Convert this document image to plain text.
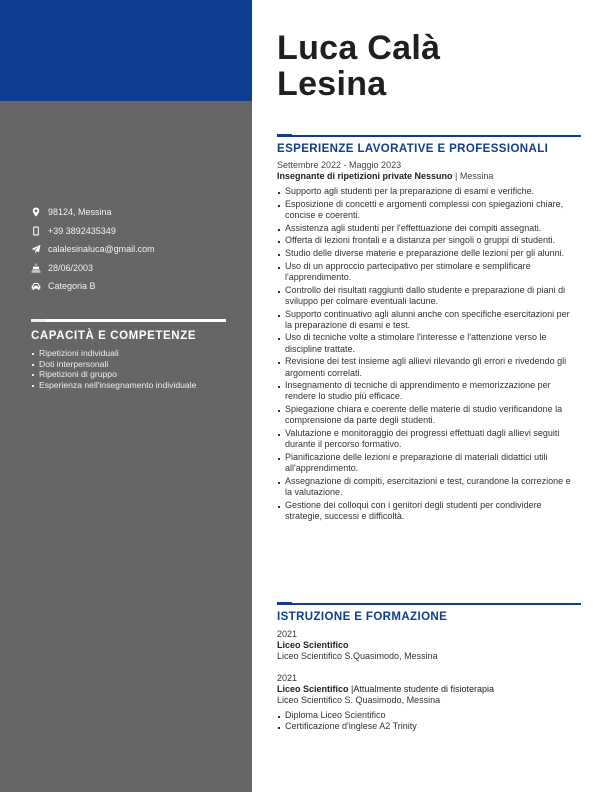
98124, Messina
+39 3892435349
calalesinaluca@gmail.com
28/06/2003
Categoria B
CAPACITÀ E COMPETENZE
Ripetizioni individuali
Doti interpersonali
Ripetizioni di gruppo
Esperienza nell'insegnamento individuale
Luca Calà
Lesina
ESPERIENZE LAVORATIVE E PROFESSIONALI
Settembre 2022 - Maggio 2023
Insegnante di ripetizioni private Nessuno | Messina
Supporto agli studenti per la preparazione di esami e verifiche.
Esposizione di concetti e argomenti complessi con spiegazioni chiare, concise e coerenti.
Assistenza agli studenti per l'effettuazione dei compiti assegnati.
Offerta di lezioni frontali e a distanza per singoli o gruppi di studenti.
Studio delle diverse materie e preparazione delle lezioni per gli alunni.
Uso di un approccio partecipativo per stimolare e semplificare l'apprendimento.
Controllo dei risultati raggiunti dallo studente e preparazione di piani di sviluppo per colmare eventuali lacune.
Supporto continuativo agli alunni anche con specifiche esercitazioni per la preparazione di esami e test.
Uso di tecniche volte a stimolare l'interesse e l'attenzione verso le discipline trattate.
Revisione dei test insieme agli allievi rilevando gli errori e rivedendo gli argomenti correlati.
Insegnamento di tecniche di apprendimento e memorizzazione per rendere lo studio più efficace.
Spiegazione chiara e coerente delle materie di studio verificandone la comprensione da parte degli studenti.
Valutazione e monitoraggio dei progressi effettuati dagli allievi seguiti durante il percorso formativo.
Pianificazione delle lezioni e preparazione di materiali didattici utili all'apprendimento.
Assegnazione di compiti, esercitazioni e test, curandone la correzione e la valutazione.
Gestione dei colloqui con i genitori degli studenti per condividere strategie, successi e difficoltà.
ISTRUZIONE E FORMAZIONE
2021
Liceo Scientifico
Liceo Scientifico S.Quasimodo, Messina
2021
Liceo Scientifico |Attualmente studente di fisioterapia
Liceo Scientifico S. Quasimodo, Messina
Diploma Liceo Scientifico
Certificazione d'inglese A2 Trinity
